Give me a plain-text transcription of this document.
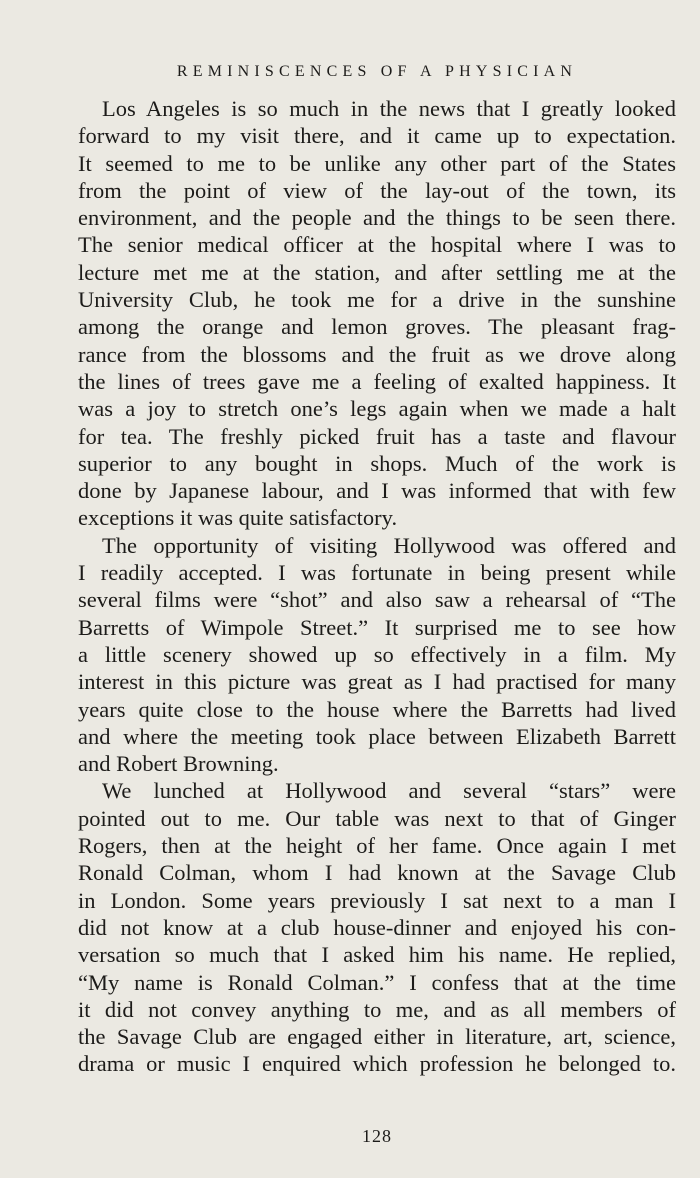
REMINISCENCES OF A PHYSICIAN
Los Angeles is so much in the news that I greatly looked
forward to my visit there, and it came up to expectation.
It seemed to me to be unlike any other part of the States
from the point of view of the lay-out of the town, its
environment, and the people and the things to be seen there.
The senior medical officer at the hospital where I was to
lecture met me at the station, and after settling me at the
University Club, he took me for a drive in the sunshine
among the orange and lemon groves. The pleasant frag-
rance from the blossoms and the fruit as we drove along
the lines of trees gave me a feeling of exalted happiness. It
was a joy to stretch one’s legs again when we made a halt
for tea. The freshly picked fruit has a taste and flavour
superior to any bought in shops. Much of the work is
done by Japanese labour, and I was informed that with few
exceptions it was quite satisfactory.
The opportunity of visiting Hollywood was offered and
I readily accepted. I was fortunate in being present while
several films were “shot” and also saw a rehearsal of “The
Barretts of Wimpole Street.” It surprised me to see how
a little scenery showed up so effectively in a film. My
interest in this picture was great as I had practised for many
years quite close to the house where the Barretts had lived
and where the meeting took place between Elizabeth Barrett
and Robert Browning.
We lunched at Hollywood and several “stars” were
pointed out to me. Our table was next to that of Ginger
Rogers, then at the height of her fame. Once again I met
Ronald Colman, whom I had known at the Savage Club
in London. Some years previously I sat next to a man I
did not know at a club house-dinner and enjoyed his con-
versation so much that I asked him his name. He replied,
“My name is Ronald Colman.” I confess that at the time
it did not convey anything to me, and as all members of
the Savage Club are engaged either in literature, art, science,
drama or music I enquired which profession he belonged to.
128
